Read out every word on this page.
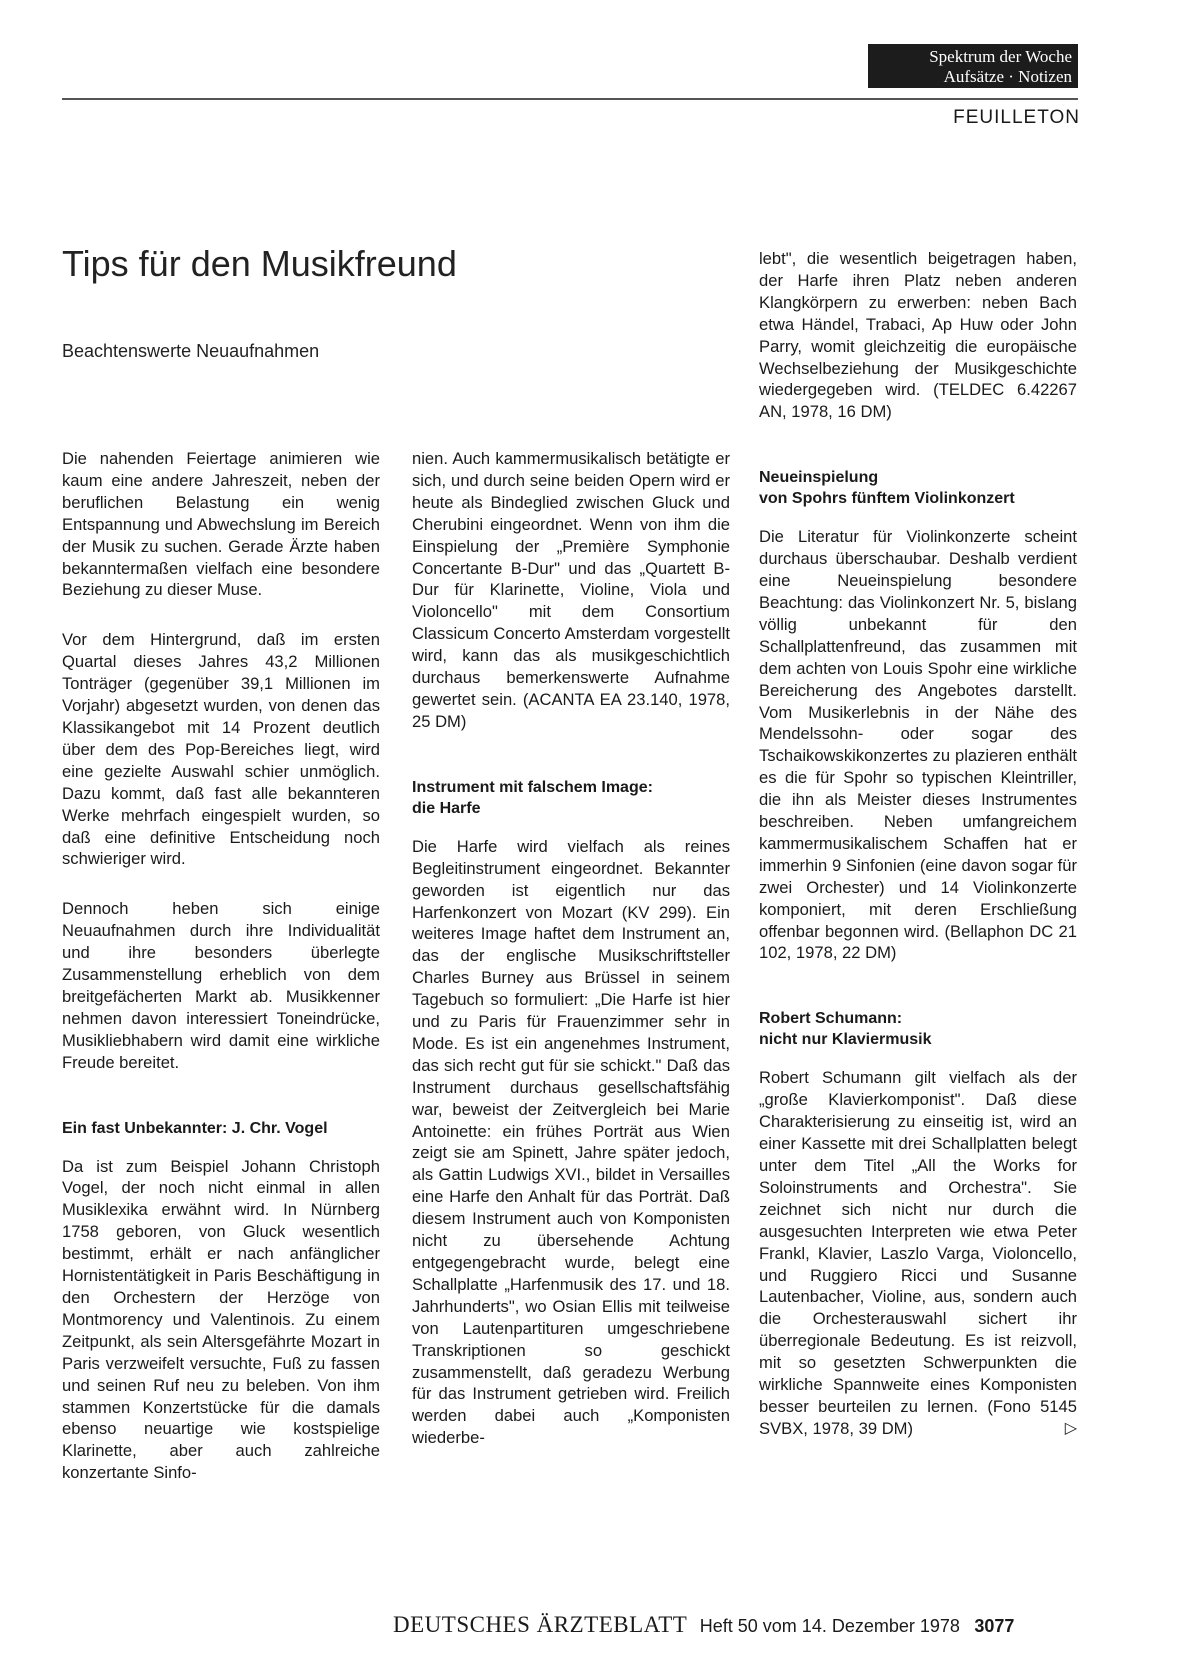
Spektrum der Woche
Aufsätze · Notizen
FEUILLETON
Tips für den Musikfreund
Beachtenswerte Neuaufnahmen

Die nahenden Feiertage animieren wie kaum eine andere Jahreszeit, neben der beruflichen Belastung ein wenig Entspannung und Abwechslung im Bereich der Musik zu suchen. Gerade Ärzte haben bekanntermaßen vielfach eine besondere Beziehung zu dieser Muse.

Vor dem Hintergrund, daß im ersten Quartal dieses Jahres 43,2 Millionen Tonträger (gegenüber 39,1 Millionen im Vorjahr) abgesetzt wurden, von denen das Klassikangebot mit 14 Prozent deutlich über dem des Pop-Bereiches liegt, wird eine gezielte Auswahl schier unmöglich. Dazu kommt, daß fast alle bekannteren Werke mehrfach eingespielt wurden, so daß eine definitive Entscheidung noch schwieriger wird.

Dennoch heben sich einige Neuaufnahmen durch ihre Individualität und ihre besonders überlegte Zusammenstellung erheblich von dem breitgefächerten Markt ab. Musikkenner nehmen davon interessiert Toneindrücke, Musikliebhabern wird damit eine wirkliche Freude bereitet.

Ein fast Unbekannter: J. Chr. Vogel

Da ist zum Beispiel Johann Christoph Vogel, der noch nicht einmal in allen Musiklexika erwähnt wird. In Nürnberg 1758 geboren, von Gluck wesentlich bestimmt, erhält er nach anfänglicher Hornistentätigkeit in Paris Beschäftigung in den Orchestern der Herzöge von Montmorency und Valentinois. Zu einem Zeitpunkt, als sein Altersgefährte Mozart in Paris verzweifelt versuchte, Fuß zu fassen und seinen Ruf neu zu beleben. Von ihm stammen Konzertstücke für die damals ebenso neuartige wie kostspielige Klarinette, aber auch zahlreiche konzertante Sinfo-

nien. Auch kammermusikalisch betätigte er sich, und durch seine beiden Opern wird er heute als Bindeglied zwischen Gluck und Cherubini eingeordnet. Wenn von ihm die Einspielung der „Première Symphonie Concertante B-Dur" und das „Quartett B-Dur für Klarinette, Violine, Viola und Violoncello" mit dem Consortium Classicum Concerto Amsterdam vorgestellt wird, kann das als musikgeschichtlich durchaus bemerkenswerte Aufnahme gewertet sein. (ACANTA EA 23.140, 1978, 25 DM)

Instrument mit falschem Image:
die Harfe

Die Harfe wird vielfach als reines Begleitinstrument eingeordnet. Bekannter geworden ist eigentlich nur das Harfenkonzert von Mozart (KV 299). Ein weiteres Image haftet dem Instrument an, das der englische Musikschriftsteller Charles Burney aus Brüssel in seinem Tagebuch so formuliert: „Die Harfe ist hier und zu Paris für Frauenzimmer sehr in Mode. Es ist ein angenehmes Instrument, das sich recht gut für sie schickt." Daß das Instrument durchaus gesellschaftsfähig war, beweist der Zeitvergleich bei Marie Antoinette: ein frühes Porträt aus Wien zeigt sie am Spinett, Jahre später jedoch, als Gattin Ludwigs XVI., bildet in Versailles eine Harfe den Anhalt für das Porträt. Daß diesem Instrument auch von Komponisten nicht zu übersehende Achtung entgegengebracht wurde, belegt eine Schallplatte „Harfenmusik des 17. und 18. Jahrhunderts", wo Osian Ellis mit teilweise von Lautenpartituren umgeschriebene Transkriptionen so geschickt zusammenstellt, daß geradezu Werbung für das Instrument getrieben wird. Freilich werden dabei auch „Komponisten wiederbe-

lebt", die wesentlich beigetragen haben, der Harfe ihren Platz neben anderen Klangkörpern zu erwerben: neben Bach etwa Händel, Trabaci, Ap Huw oder John Parry, womit gleichzeitig die europäische Wechselbeziehung der Musikgeschichte wiedergegeben wird. (TELDEC 6.42267 AN, 1978, 16 DM)

Neueinspielung
von Spohrs fünftem Violinkonzert

Die Literatur für Violinkonzerte scheint durchaus überschaubar. Deshalb verdient eine Neueinspielung besondere Beachtung: das Violinkonzert Nr. 5, bislang völlig unbekannt für den Schallplattenfreund, das zusammen mit dem achten von Louis Spohr eine wirkliche Bereicherung des Angebotes darstellt. Vom Musikerlebnis in der Nähe des Mendelssohn- oder sogar des Tschaikowskikonzertes zu plazieren enthält es die für Spohr so typischen Kleintriller, die ihn als Meister dieses Instrumentes beschreiben. Neben umfangreichem kammermusikalischem Schaffen hat er immerhin 9 Sinfonien (eine davon sogar für zwei Orchester) und 14 Violinkonzerte komponiert, mit deren Erschließung offenbar begonnen wird. (Bellaphon DC 21 102, 1978, 22 DM)

Robert Schumann:
nicht nur Klaviermusik

Robert Schumann gilt vielfach als der „große Klavierkomponist". Daß diese Charakterisierung zu einseitig ist, wird an einer Kassette mit drei Schallplatten belegt unter dem Titel „All the Works for Soloinstruments and Orchestra". Sie zeichnet sich nicht nur durch die ausgesuchten Interpreten wie etwa Peter Frankl, Klavier, Laszlo Varga, Violoncello, und Ruggiero Ricci und Susanne Lautenbacher, Violine, aus, sondern auch die Orchesterauswahl sichert ihr überregionale Bedeutung. Es ist reizvoll, mit so gesetzten Schwerpunkten die wirkliche Spannweite eines Komponisten besser beurteilen zu lernen. (Fono 5145 SVBX, 1978, 39 DM)	▷

DEUTSCHES ÄRZTEBLATT Heft 50 vom 14. Dezember 1978 3077
